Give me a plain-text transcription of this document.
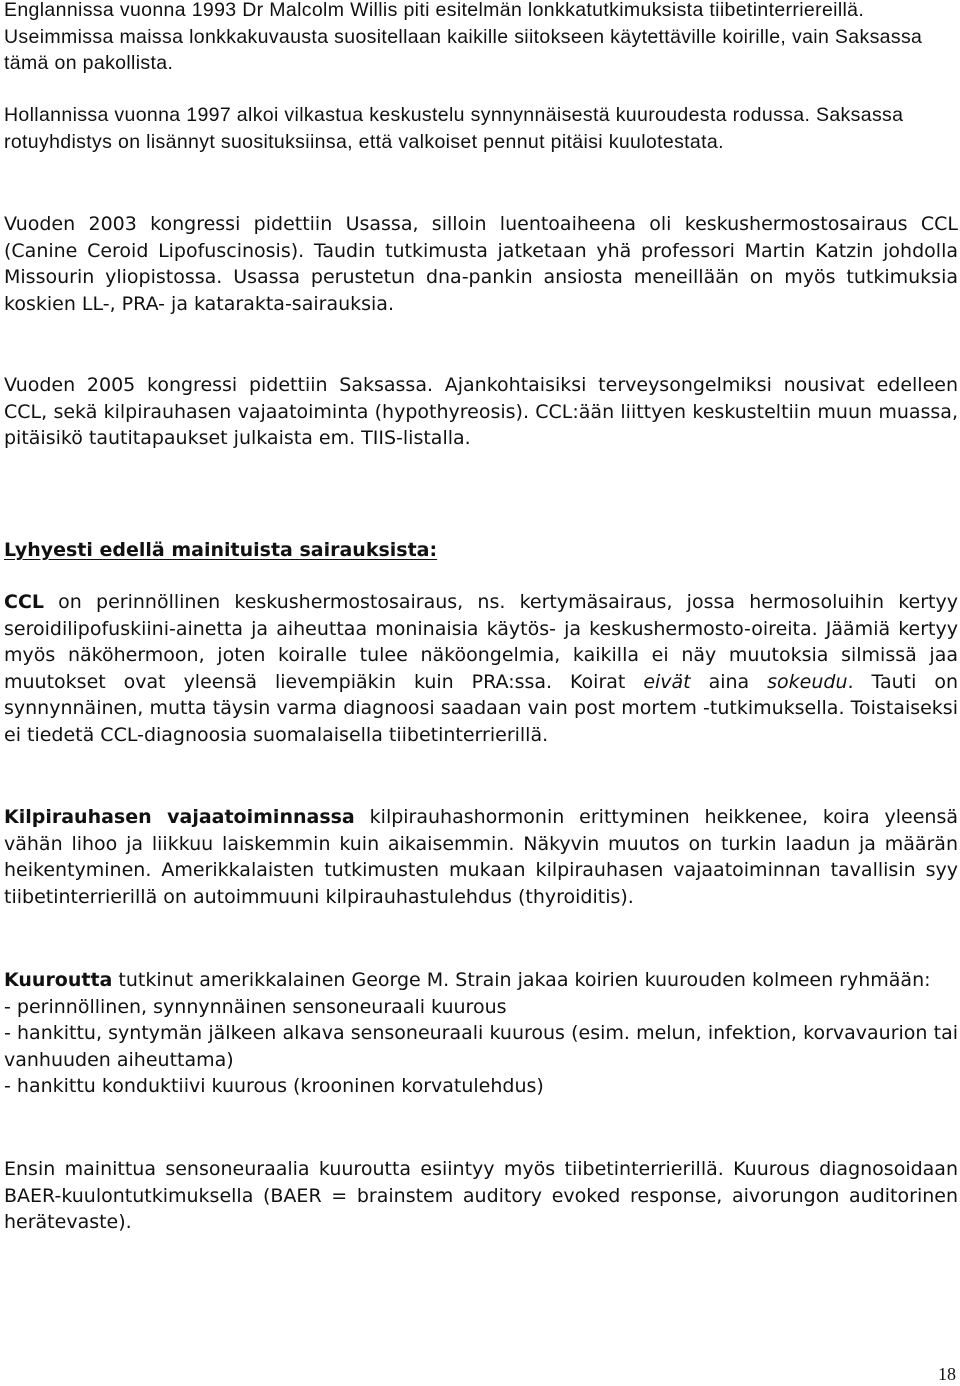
Englannissa vuonna 1993 Dr Malcolm Willis piti esitelmän lonkkatutkimuksista tiibetinterriereillä. Useimmissa maissa lonkkakuvausta suositellaan kaikille siitokseen käytettäville koirille, vain Saksassa tämä on pakollista.

Hollannissa vuonna 1997 alkoi vilkastua keskustelu synnynnäisestä kuuroudesta rodussa. Saksassa rotuyhdistys on lisännyt suosituksiinsa, että valkoiset pennut pitäisi kuulotestata.

Vuoden 2003 kongressi pidettiin Usassa, silloin luentoaiheena oli keskushermostosairaus CCL (Canine Ceroid Lipofuscinosis). Taudin tutkimusta jatketaan yhä professori Martin Katzin johdolla Missourin yliopistossa. Usassa perustetun dna-pankin ansiosta meneillään on myös tutkimuksia koskien LL-, PRA- ja katarakta-sairauksia.

Vuoden 2005 kongressi pidettiin Saksassa. Ajankohtaisiksi terveysongelmiksi nousivat edelleen CCL, sekä kilpirauhasen vajaatoiminta (hypothyreosis). CCL:ään liittyen keskusteltiin muun muassa, pitäisikö tautitapaukset julkaista em. TIIS-listalla.

Lyhyesti edellä mainituista sairauksista:

CCL on perinnöllinen keskushermostosairaus, ns. kertymäsairaus, jossa hermosoluihin kertyy seroidilipofuskiini-ainetta ja aiheuttaa moninaisia käytös- ja keskushermosto-oireita. Jäämiä kertyy myös näköhermoon, joten koiralle tulee näköongelmia, kaikilla ei näy muutoksia silmissä jaa muutokset ovat yleensä lievempiäkin kuin PRA:ssa. Koirat eivät aina sokeudu. Tauti on synnynnäinen, mutta täysin varma diagnoosi saadaan vain post mortem -tutkimuksella. Toistaiseksi ei tiedetä CCL-diagnoosia suomalaisella tiibetinterrierillä.

Kilpirauhasen vajaatoiminnassa kilpirauhashormonin erittyminen heikkenee, koira yleensä vähän lihoo ja liikkuu laiskemmin kuin aikaisemmin. Näkyvin muutos on turkin laadun ja määrän heikentyminen. Amerikkalaisten tutkimusten mukaan kilpirauhasen vajaatoiminnan tavallisin syy tiibetinterrierillä on autoimmuuni kilpirauhastulehdus (thyroiditis).

Kuuroutta tutkinut amerikkalainen George M. Strain jakaa koirien kuurouden kolmeen ryhmään:
- perinnöllinen, synnynnäinen sensoneuraali kuurous
- hankittu, syntymän jälkeen alkava sensoneuraali kuurous (esim. melun, infektion, korvavaurion tai vanhuuden aiheuttama)
- hankittu konduktiivi kuurous (krooninen korvatulehdus)

Ensin mainittua sensoneuraalia kuuroutta esiintyy myös tiibetinterrierillä. Kuurous diagnosoidaan BAER-kuulontutkimuksella (BAER = brainstem auditory evoked response, aivorungon auditorinen herätevaste).

18
